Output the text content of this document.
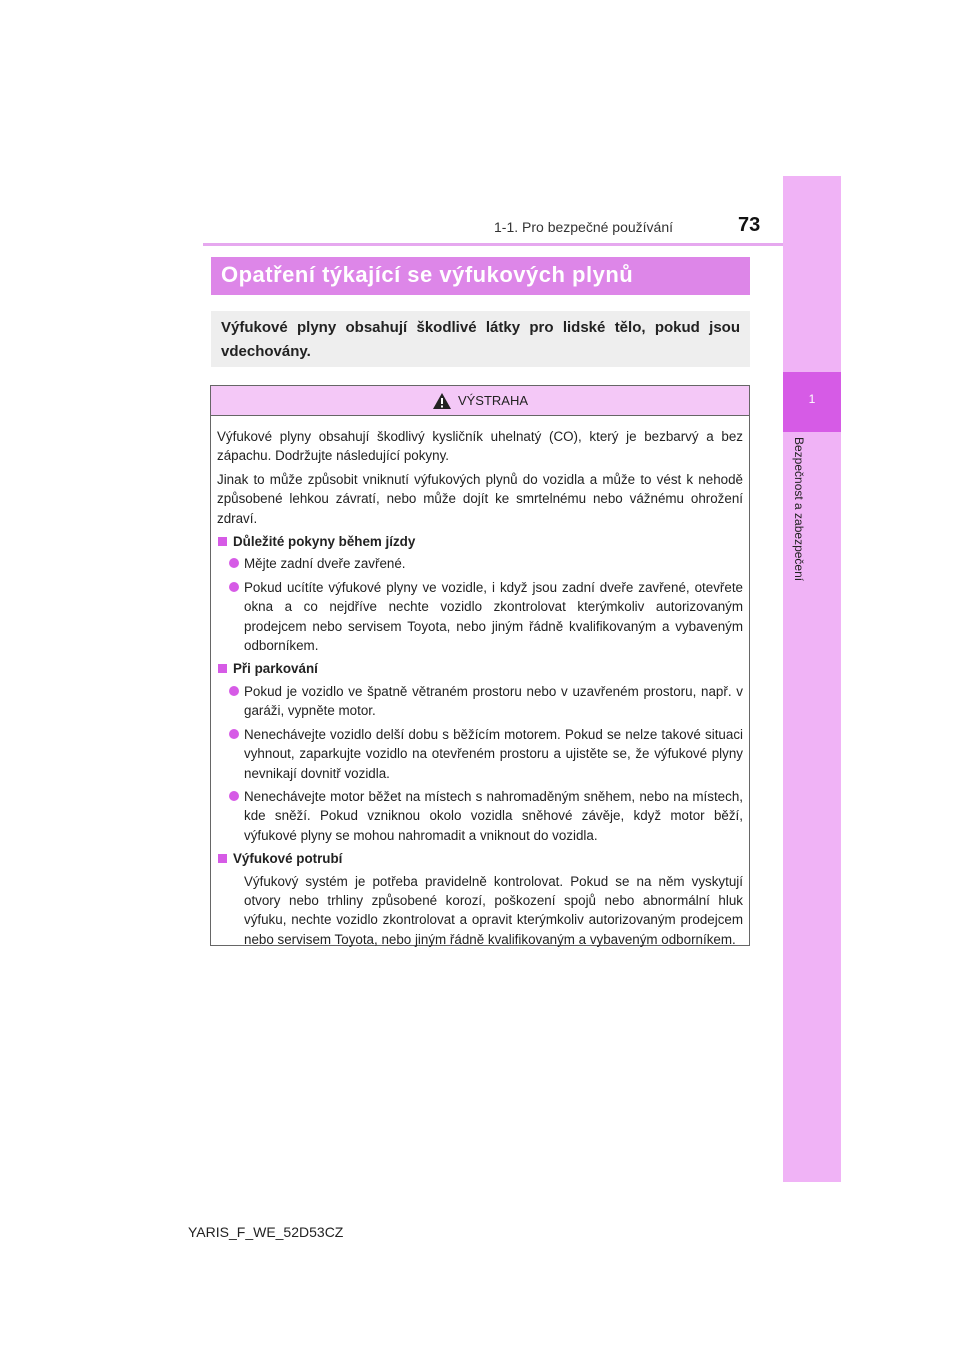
1-1. Pro bezpečné používání	73
1
Bezpečnost a zabezpečení
Opatření týkající se výfukových plynů
Výfukové plyny obsahují škodlivé látky pro lidské tělo, pokud jsou vdechovány.
VÝSTRAHA

Výfukové plyny obsahují škodlivý kysličník uhelnatý (CO), který je bezbarvý a bez zápachu. Dodržujte následující pokyny.

Jinak to může způsobit vniknutí výfukových plynů do vozidla a může to vést k nehodě způsobené lehkou závratí, nebo může dojít ke smrtelnému nebo vážnému ohrožení zdraví.

Důležité pokyny během jízdy
Mějte zadní dveře zavřené.
Pokud ucítíte výfukové plyny ve vozidle, i když jsou zadní dveře zavřené, otevřete okna a co nejdříve nechte vozidlo zkontrolovat kterýmkoliv autorizovaným prodejcem nebo servisem Toyota, nebo jiným řádně kvalifikovaným a vybaveným odborníkem.
Při parkování
Pokud je vozidlo ve špatně větraném prostoru nebo v uzavřeném prostoru, např. v garáži, vypněte motor.
Nenechávejte vozidlo delší dobu s běžícím motorem. Pokud se nelze takové situaci vyhnout, zaparkujte vozidlo na otevřeném prostoru a ujistěte se, že výfukové plyny nevnikají dovnitř vozidla.
Nenechávejte motor běžet na místech s nahromaděným sněhem, nebo na místech, kde sněží. Pokud vzniknou okolo vozidla sněhové závěje, když motor běží, výfukové plyny se mohou nahromadit a vniknout do vozidla.
Výfukové potrubí

Výfukový systém je potřeba pravidelně kontrolovat. Pokud se na něm vyskytují otvory nebo trhliny způsobené korozí, poškození spojů nebo abnormální hluk výfuku, nechte vozidlo zkontrolovat a opravit kterýmkoliv autorizovaným prodejcem nebo servisem Toyota, nebo jiným řádně kvalifikovaným a vybaveným odborníkem.

YARIS_F_WE_52D53CZ
